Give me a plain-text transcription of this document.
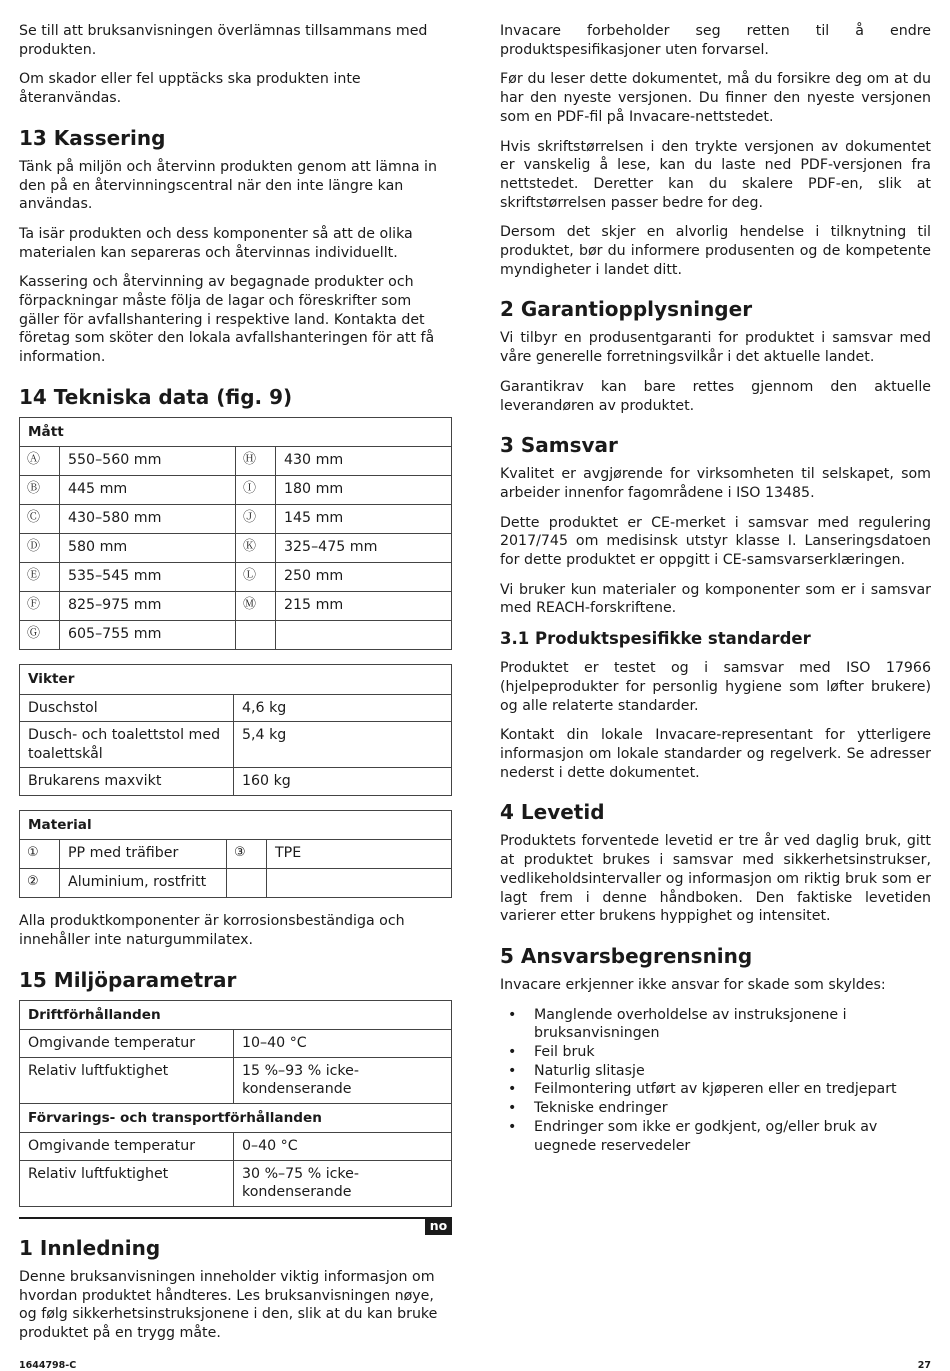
Se till att bruksanvisningen överlämnas tillsammans med produkten.

Om skador eller fel upptäcks ska produkten inte återanvändas.

13 Kassering

Tänk på miljön och återvinn produkten genom att lämna in den på en återvinningscentral när den inte längre kan användas.

Ta isär produkten och dess komponenter så att de olika materialen kan separeras och återvinnas individuellt.

Kassering och återvinning av begagnade produkter och förpackningar måste följa de lagar och föreskrifter som gäller för avfallshantering i respektive land. Kontakta det företag som sköter den lokala avfallshanteringen för att få information.

14 Tekniska data (fig. 9)
Mått			
Ⓐ	550–560 mm	Ⓗ	430 mm
Ⓑ	445 mm	Ⓘ	180 mm
Ⓒ	430–580 mm	Ⓙ	145 mm
Ⓓ	580 mm	Ⓚ	325–475 mm
Ⓔ	535–545 mm	Ⓛ	250 mm
Ⓕ	825–975 mm	Ⓜ	215 mm
Ⓖ	605–755 mm		
Vikter	
Duschstol	4,6 kg
Dusch- och toalettstol med toalettskål	5,4 kg
Brukarens maxvikt	160 kg
Material			
①	PP med träfiber	③	TPE
②	Aluminium, rostfritt		

Alla produktkomponenter är korrosionsbeständiga och innehåller inte naturgummilatex.

15 Miljöparametrar
Driftförhållanden	
Omgivande temperatur	10–40 °C
Relativ luftfuktighet	15 %–93 % icke-kondenserande
Förvarings- och transportförhållanden	
Omgivande temperatur	0–40 °C
Relativ luftfuktighet	30 %–75 % icke-kondenserande
no
1 Innledning

Denne bruksanvisningen inneholder viktig informasjon om hvordan produktet håndteres. Les bruksanvisningen nøye, og følg sikkerhetsinstruksjonene i den, slik at du kan bruke produktet på en trygg måte.

Invacare forbeholder seg retten til å endre produktspesifikasjoner uten forvarsel.

Før du leser dette dokumentet, må du forsikre deg om at du har den nyeste versjonen. Du finner den nyeste versjonen som en PDF-fil på Invacare-nettstedet.

Hvis skriftstørrelsen i den trykte versjonen av dokumentet er vanskelig å lese, kan du laste ned PDF-versjonen fra nettstedet. Deretter kan du skalere PDF-en, slik at skriftstørrelsen passer bedre for deg.

Dersom det skjer en alvorlig hendelse i tilknytning til produktet, bør du informere produsenten og de kompetente myndigheter i landet ditt.

2 Garantiopplysninger

Vi tilbyr en produsentgaranti for produktet i samsvar med våre generelle forretningsvilkår i det aktuelle landet.

Garantikrav kan bare rettes gjennom den aktuelle leverandøren av produktet.

3 Samsvar

Kvalitet er avgjørende for virksomheten til selskapet, som arbeider innenfor fagområdene i ISO 13485.

Dette produktet er CE-merket i samsvar med regulering 2017/745 om medisinsk utstyr klasse I. Lanseringsdatoen for dette produktet er oppgitt i CE-samsvarserklæringen.

Vi bruker kun materialer og komponenter som er i samsvar med REACH-forskriftene.

3.1 Produktspesifikke standarder

Produktet er testet og i samsvar med ISO 17966 (hjelpeprodukter for personlig hygiene som løfter brukere) og alle relaterte standarder.

Kontakt din lokale Invacare-representant for ytterligere informasjon om lokale standarder og regelverk. Se adresser nederst i dette dokumentet.

4 Levetid

Produktets forventede levetid er tre år ved daglig bruk, gitt at produktet brukes i samsvar med sikkerhetsinstrukser, vedlikeholdsintervaller og informasjon om riktig bruk som er lagt frem i denne håndboken. Den faktiske levetiden varierer etter brukens hyppighet og intensitet.

5 Ansvarsbegrensning

Invacare erkjenner ikke ansvar for skade som skyldes:

• Manglende overholdelse av instruksjonene i bruksanvisningen
• Feil bruk
• Naturlig slitasje
• Feilmontering utført av kjøperen eller en tredjepart
• Tekniske endringer
• Endringer som ikke er godkjent, og/eller bruk av uegnede reservedeler
1644798-C	27
